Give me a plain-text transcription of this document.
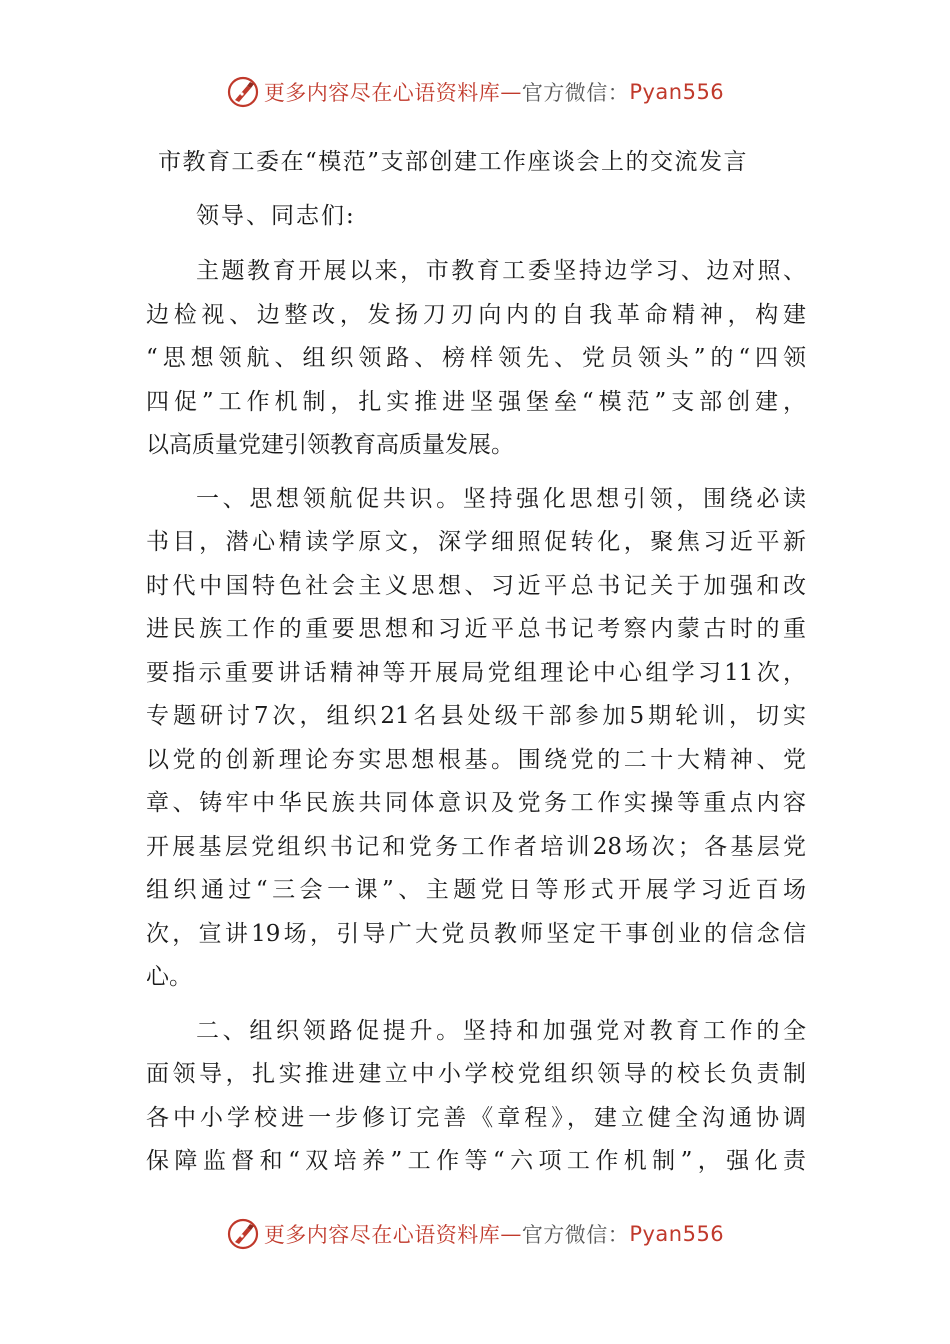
更多内容尽在心语资料库 — 官方微信： Pyan556
市教育工委在“模范”支部创建工作座谈会上的交流发言
领导、同志们:
主题教育开展以来，市教育工委坚持边学习、边对照、
边检视、边整改，发扬刀刃向内的自我革命精神，构建
“思想领航、组织领路、榜样领先、党员领头”的“四领
四促”工作机制，扎实推进坚强堡垒“模范”支部创建，
以高质量党建引领教育高质量发展。
一、思想领航促共识。坚持强化思想引领，围绕必读
书目，潜心精读学原文，深学细照促转化，聚焦习近平新
时代中国特色社会主义思想、习近平总书记关于加强和改
进民族工作的重要思想和习近平总书记考察内蒙古时的重
要指示重要讲话精神等开展局党组理论中心组学习11次，
专题研讨7次，组织21名县处级干部参加5期轮训，切实
以党的创新理论夯实思想根基。围绕党的二十大精神、党
章、铸牢中华民族共同体意识及党务工作实操等重点内容
开展基层党组织书记和党务工作者培训28场次；各基层党
组织通过“三会一课”、主题党日等形式开展学习近百场
次，宣讲19场，引导广大党员教师坚定干事创业的信念信
心。
二、组织领路促提升。坚持和加强党对教育工作的全
面领导，扎实推进建立中小学校党组织领导的校长负责制
各中小学校进一步修订完善《章程》，建立健全沟通协调
保障监督和“双培养”工作等“六项工作机制”，强化责
更多内容尽在心语资料库 — 官方微信： Pyan556
